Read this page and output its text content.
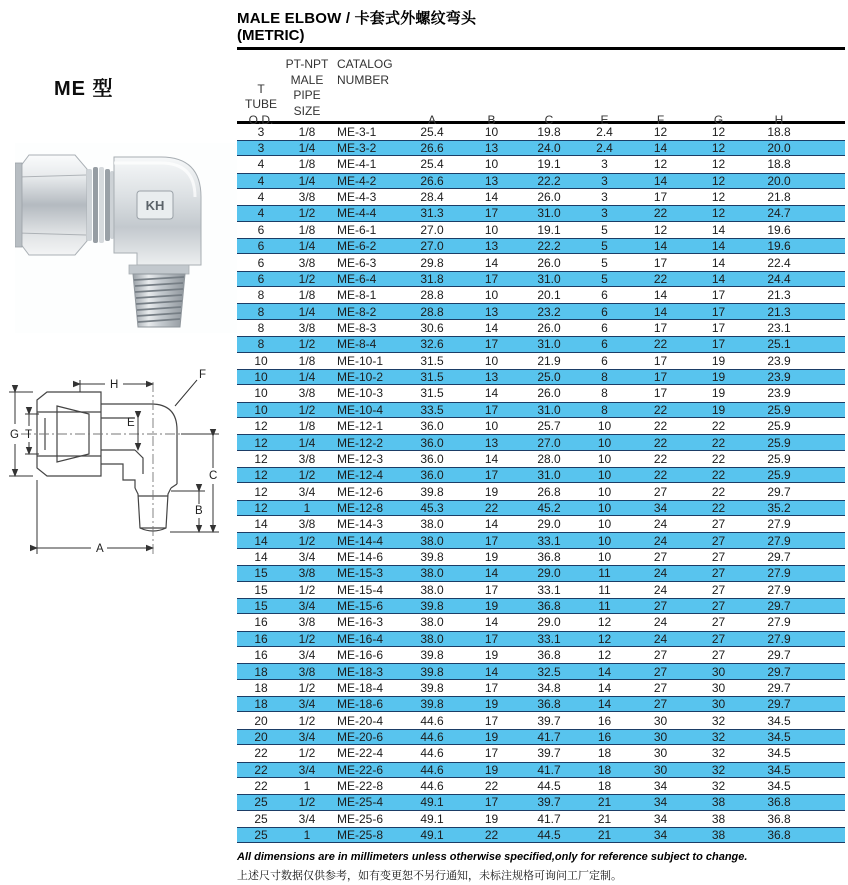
ME 型
KH
H
F
G T
E
A
B
C
MALE ELBOW / 卡套式外螺纹弯头
(METRIC)
T
TUBE
O.D.
PT-NPT
MALE
PIPE
SIZE
CATALOG
NUMBER
A	B	C	E	F	G	H
3	1/8	ME-3-1	25.4	10	19.8	2.4	12	12	18.8
3	1/4	ME-3-2	26.6	13	24.0	2.4	14	12	20.0
4	1/8	ME-4-1	25.4	10	19.1	3	12	12	18.8
4	1/4	ME-4-2	26.6	13	22.2	3	14	12	20.0
4	3/8	ME-4-3	28.4	14	26.0	3	17	12	21.8
4	1/2	ME-4-4	31.3	17	31.0	3	22	12	24.7
6	1/8	ME-6-1	27.0	10	19.1	5	12	14	19.6
6	1/4	ME-6-2	27.0	13	22.2	5	14	14	19.6
6	3/8	ME-6-3	29.8	14	26.0	5	17	14	22.4
6	1/2	ME-6-4	31.8	17	31.0	5	22	14	24.4
8	1/8	ME-8-1	28.8	10	20.1	6	14	17	21.3
8	1/4	ME-8-2	28.8	13	23.2	6	14	17	21.3
8	3/8	ME-8-3	30.6	14	26.0	6	17	17	23.1
8	1/2	ME-8-4	32.6	17	31.0	6	22	17	25.1
10	1/8	ME-10-1	31.5	10	21.9	6	17	19	23.9
10	1/4	ME-10-2	31.5	13	25.0	8	17	19	23.9
10	3/8	ME-10-3	31.5	14	26.0	8	17	19	23.9
10	1/2	ME-10-4	33.5	17	31.0	8	22	19	25.9
12	1/8	ME-12-1	36.0	10	25.7	10	22	22	25.9
12	1/4	ME-12-2	36.0	13	27.0	10	22	22	25.9
12	3/8	ME-12-3	36.0	14	28.0	10	22	22	25.9
12	1/2	ME-12-4	36.0	17	31.0	10	22	22	25.9
12	3/4	ME-12-6	39.8	19	26.8	10	27	22	29.7
12	1	ME-12-8	45.3	22	45.2	10	34	22	35.2
14	3/8	ME-14-3	38.0	14	29.0	10	24	27	27.9
14	1/2	ME-14-4	38.0	17	33.1	10	24	27	27.9
14	3/4	ME-14-6	39.8	19	36.8	10	27	27	29.7
15	3/8	ME-15-3	38.0	14	29.0	11	24	27	27.9
15	1/2	ME-15-4	38.0	17	33.1	11	24	27	27.9
15	3/4	ME-15-6	39.8	19	36.8	11	27	27	29.7
16	3/8	ME-16-3	38.0	14	29.0	12	24	27	27.9
16	1/2	ME-16-4	38.0	17	33.1	12	24	27	27.9
16	3/4	ME-16-6	39.8	19	36.8	12	27	27	29.7
18	3/8	ME-18-3	39.8	14	32.5	14	27	30	29.7
18	1/2	ME-18-4	39.8	17	34.8	14	27	30	29.7
18	3/4	ME-18-6	39.8	19	36.8	14	27	30	29.7
20	1/2	ME-20-4	44.6	17	39.7	16	30	32	34.5
20	3/4	ME-20-6	44.6	19	41.7	16	30	32	34.5
22	1/2	ME-22-4	44.6	17	39.7	18	30	32	34.5
22	3/4	ME-22-6	44.6	19	41.7	18	30	32	34.5
22	1	ME-22-8	44.6	22	44.5	18	34	32	34.5
25	1/2	ME-25-4	49.1	17	39.7	21	34	38	36.8
25	3/4	ME-25-6	49.1	19	41.7	21	34	38	36.8
25	1	ME-25-8	49.1	22	44.5	21	34	38	36.8
All dimensions are in millimeters unless otherwise specified,only for reference subject to change.
上述尺寸数据仅供参考，如有变更恕不另行通知，未标注规格可询问工厂定制。
